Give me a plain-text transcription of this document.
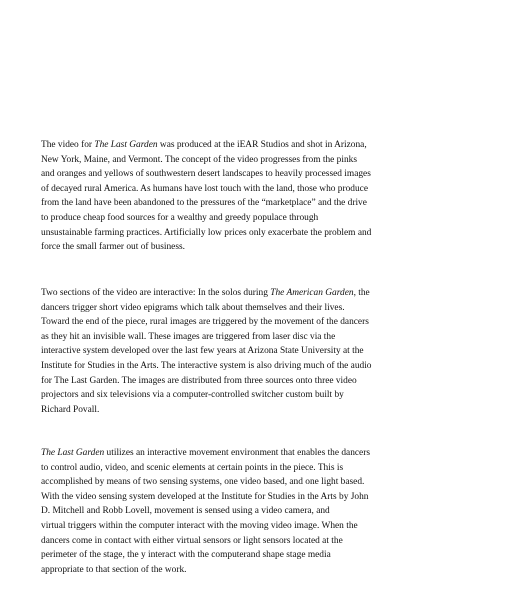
The video for The Last Garden was produced at the iEAR Studios and shot in Arizona,
New York, Maine, and Vermont. The concept of the video progresses from the pinks
and oranges and yellows of southwestern desert landscapes to heavily processed images
of decayed rural America. As humans have lost touch with the land, those who produce
from the land have been abandoned to the pressures of the “marketplace” and the drive
to produce cheap food sources for a wealthy and greedy populace through
unsustainable farming practices. Artificially low prices only exacerbate the problem and
force the small farmer out of business.

Two sections of the video are interactive: In the solos during The American Garden, the
dancers trigger short video epigrams which talk about themselves and their lives.
Toward the end of the piece, rural images are triggered by the movement of the dancers
as they hit an invisible wall. These images are triggered from laser disc via the
interactive system developed over the last few years at Arizona State University at the
Institute for Studies in the Arts. The interactive system is also driving much of the audio
for The Last Garden. The images are distributed from three sources onto three video
projectors and six televisions via a computer-controlled switcher custom built by
Richard Povall.

The Last Garden utilizes an interactive movement environment that enables the dancers
to control audio, video, and scenic elements at certain points in the piece. This is
accomplished by means of two sensing systems, one video based, and one light based.
With the video sensing system developed at the Institute for Studies in the Arts by John
D. Mitchell and Robb Lovell, movement is sensed using a video camera, and
virtual triggers within the computer interact with the moving video image. When the
dancers come in contact with either virtual sensors or light sensors located at the
perimeter of the stage, the y interact with the computerand shape stage media
appropriate to that section of the work.
